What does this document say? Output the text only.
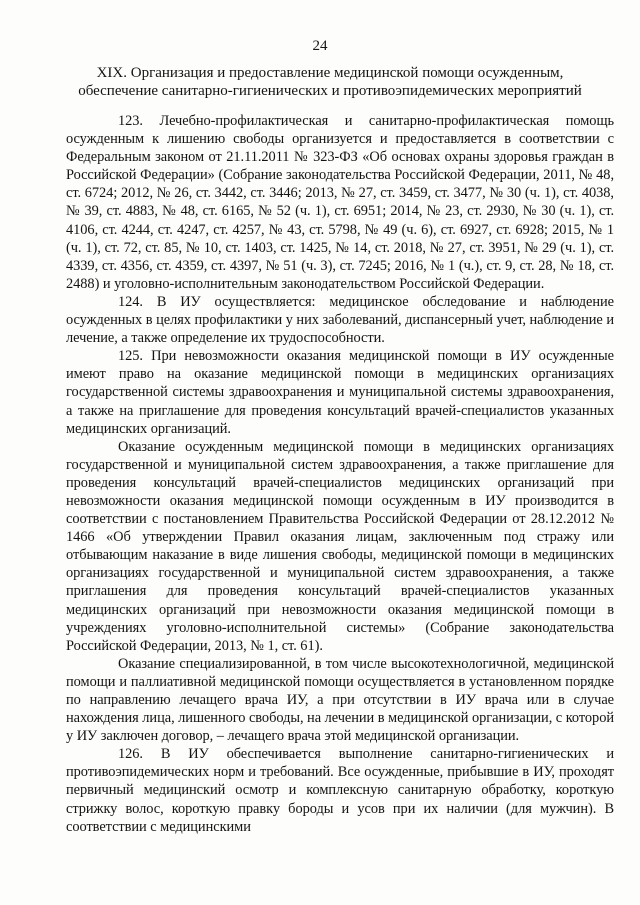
24
XIX. Организация и предоставление медицинской помощи осужденным, обеспечение санитарно-гигиенических и противоэпидемических мероприятий

123. Лечебно-профилактическая и санитарно-профилактическая помощь осужденным к лишению свободы организуется и предоставляется в соответствии с Федеральным законом от 21.11.2011 № 323-ФЗ «Об основах охраны здоровья граждан в Российской Федерации» (Собрание законодательства Российской Федерации, 2011, № 48, ст. 6724; 2012, № 26, ст. 3442, ст. 3446; 2013, № 27, ст. 3459, ст. 3477, № 30 (ч. 1), ст. 4038, № 39, ст. 4883, № 48, ст. 6165, № 52 (ч. 1), ст. 6951; 2014, № 23, ст. 2930, № 30 (ч. 1), ст. 4106, ст. 4244, ст. 4247, ст. 4257, № 43, ст. 5798, № 49 (ч. 6), ст. 6927, ст. 6928; 2015, № 1 (ч. 1), ст. 72, ст. 85, № 10, ст. 1403, ст. 1425, № 14, ст. 2018, № 27, ст. 3951, № 29 (ч. 1), ст. 4339, ст. 4356, ст. 4359, ст. 4397, № 51 (ч. 3), ст. 7245; 2016, № 1 (ч.), ст. 9, ст. 28, № 18, ст. 2488) и уголовно-исполнительным законодательством Российской Федерации.

124. В ИУ осуществляется: медицинское обследование и наблюдение осужденных в целях профилактики у них заболеваний, диспансерный учет, наблюдение и лечение, а также определение их трудоспособности.

125. При невозможности оказания медицинской помощи в ИУ осужденные имеют право на оказание медицинской помощи в медицинских организациях государственной системы здравоохранения и муниципальной системы здравоохранения, а также на приглашение для проведения консультаций врачей-специалистов указанных медицинских организаций.

Оказание осужденным медицинской помощи в медицинских организациях государственной и муниципальной систем здравоохранения, а также приглашение для проведения консультаций врачей-специалистов медицинских организаций при невозможности оказания медицинской помощи осужденным в ИУ производится в соответствии с постановлением Правительства Российской Федерации от 28.12.2012 № 1466 «Об утверждении Правил оказания лицам, заключенным под стражу или отбывающим наказание в виде лишения свободы, медицинской помощи в медицинских организациях государственной и муниципальной систем здравоохранения, а также приглашения для проведения консультаций врачей-специалистов указанных медицинских организаций при невозможности оказания медицинской помощи в учреждениях уголовно-исполнительной системы» (Собрание законодательства Российской Федерации, 2013, № 1, ст. 61).

Оказание специализированной, в том числе высокотехнологичной, медицинской помощи и паллиативной медицинской помощи осуществляется в установленном порядке по направлению лечащего врача ИУ, а при отсутствии в ИУ врача или в случае нахождения лица, лишенного свободы, на лечении в медицинской организации, с которой у ИУ заключен договор, – лечащего врача этой медицинской организации.

126. В ИУ обеспечивается выполнение санитарно-гигиенических и противоэпидемических норм и требований. Все осужденные, прибывшие в ИУ, проходят первичный медицинский осмотр и комплексную санитарную обработку, короткую стрижку волос, короткую правку бороды и усов при их наличии (для мужчин). В соответствии с медицинскими
